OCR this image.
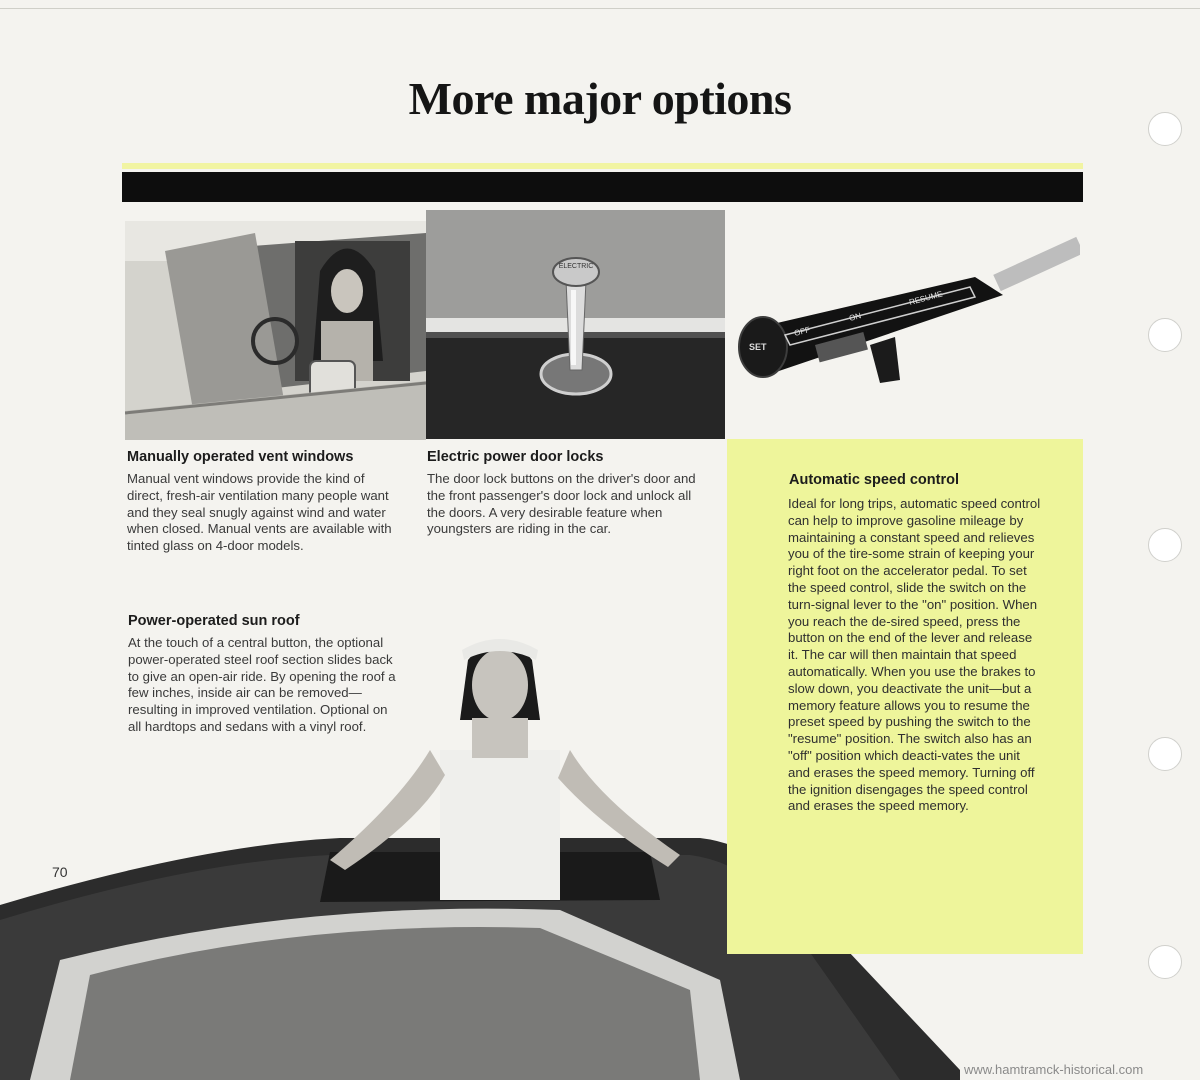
More major options
ELECTRIC
SET
OFF
ON
RESUME
Manually operated vent windows
Manual vent windows provide the kind of direct, fresh-air ventilation many people want and they seal snugly against wind and water when closed. Manual vents are available with tinted glass on 4-door models.
Electric power door locks
The door lock buttons on the driver's door and the front passenger's door lock and unlock all the doors. A very desirable feature when youngsters are riding in the car.
Power-operated sun roof
At the touch of a central button, the optional power-operated steel roof section slides back to give an open-air ride. By opening the roof a few inches, inside air can be removed—resulting in improved ventilation. Optional on all hardtops and sedans with a vinyl roof.
Automatic speed control
Ideal for long trips, automatic speed control can help to improve gasoline mileage by maintaining a constant speed and relieves you of the tire-some strain of keeping your right foot on the accelerator pedal. To set the speed control, slide the switch on the turn-signal lever to the "on" position. When you reach the de-sired speed, press the button on the end of the lever and release it. The car will then maintain that speed automatically. When you use the brakes to slow down, you deactivate the unit—but a memory feature allows you to resume the preset speed by pushing the switch to the "resume" position. The switch also has an "off" position which deacti-vates the unit and erases the speed memory. Turning off the ignition disengages the speed control and erases the speed memory.
70
www.hamtramck-historical.com
